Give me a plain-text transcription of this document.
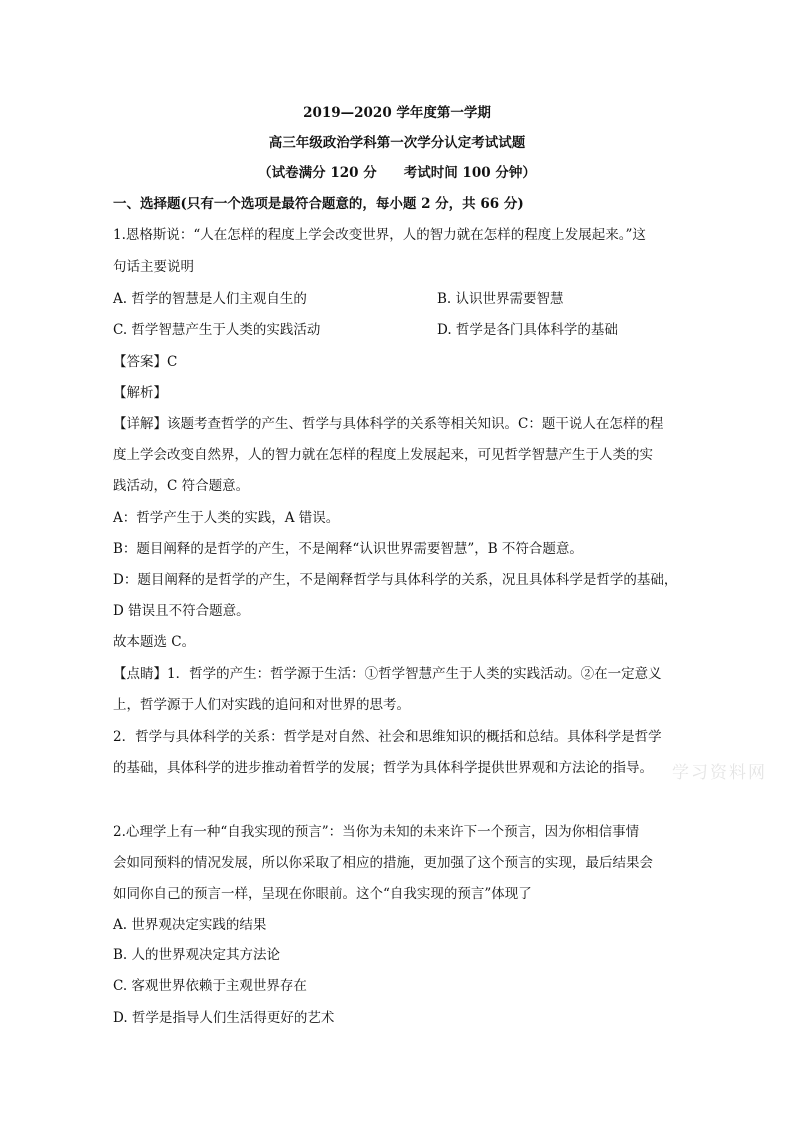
2019—2020 学年度第一学期
高三年级政治学科第一次学分认定考试试题
（试卷满分 120 分　　考试时间 100 分钟）
一、选择题(只有一个选项是最符合题意的，每小题 2 分，共 66 分)
1.恩格斯说：“人在怎样的程度上学会改变世界，人的智力就在怎样的程度上发展起来。”这
句话主要说明
A. 哲学的智慧是人们主观自生的	B. 认识世界需要智慧
C. 哲学智慧产生于人类的实践活动	D. 哲学是各门具体科学的基础
【答案】C
【解析】
【详解】该题考查哲学的产生、哲学与具体科学的关系等相关知识。C：题干说人在怎样的程
度上学会改变自然界，人的智力就在怎样的程度上发展起来，可见哲学智慧产生于人类的实
践活动，C 符合题意。
A：哲学产生于人类的实践，A 错误。
B：题目阐释的是哲学的产生，不是阐释“认识世界需要智慧”，B 不符合题意。
D：题目阐释的是哲学的产生，不是阐释哲学与具体科学的关系，况且具体科学是哲学的基础，
D 错误且不符合题意。
故本题选 C。
【点睛】1．哲学的产生：哲学源于生活：①哲学智慧产生于人类的实践活动。②在一定意义
上，哲学源于人们对实践的追问和对世界的思考。
2．哲学与具体科学的关系：哲学是对自然、社会和思维知识的概括和总结。具体科学是哲学
的基础，具体科学的进步推动着哲学的发展；哲学为具体科学提供世界观和方法论的指导。 学习资料网
2.心理学上有一种“自我实现的预言”：当你为未知的未来许下一个预言，因为你相信事情
会如同预料的情况发展，所以你采取了相应的措施，更加强了这个预言的实现，最后结果会
如同你自己的预言一样，呈现在你眼前。这个“自我实现的预言”体现了
A. 世界观决定实践的结果
B. 人的世界观决定其方法论
C. 客观世界依赖于主观世界存在
D. 哲学是指导人们生活得更好的艺术
